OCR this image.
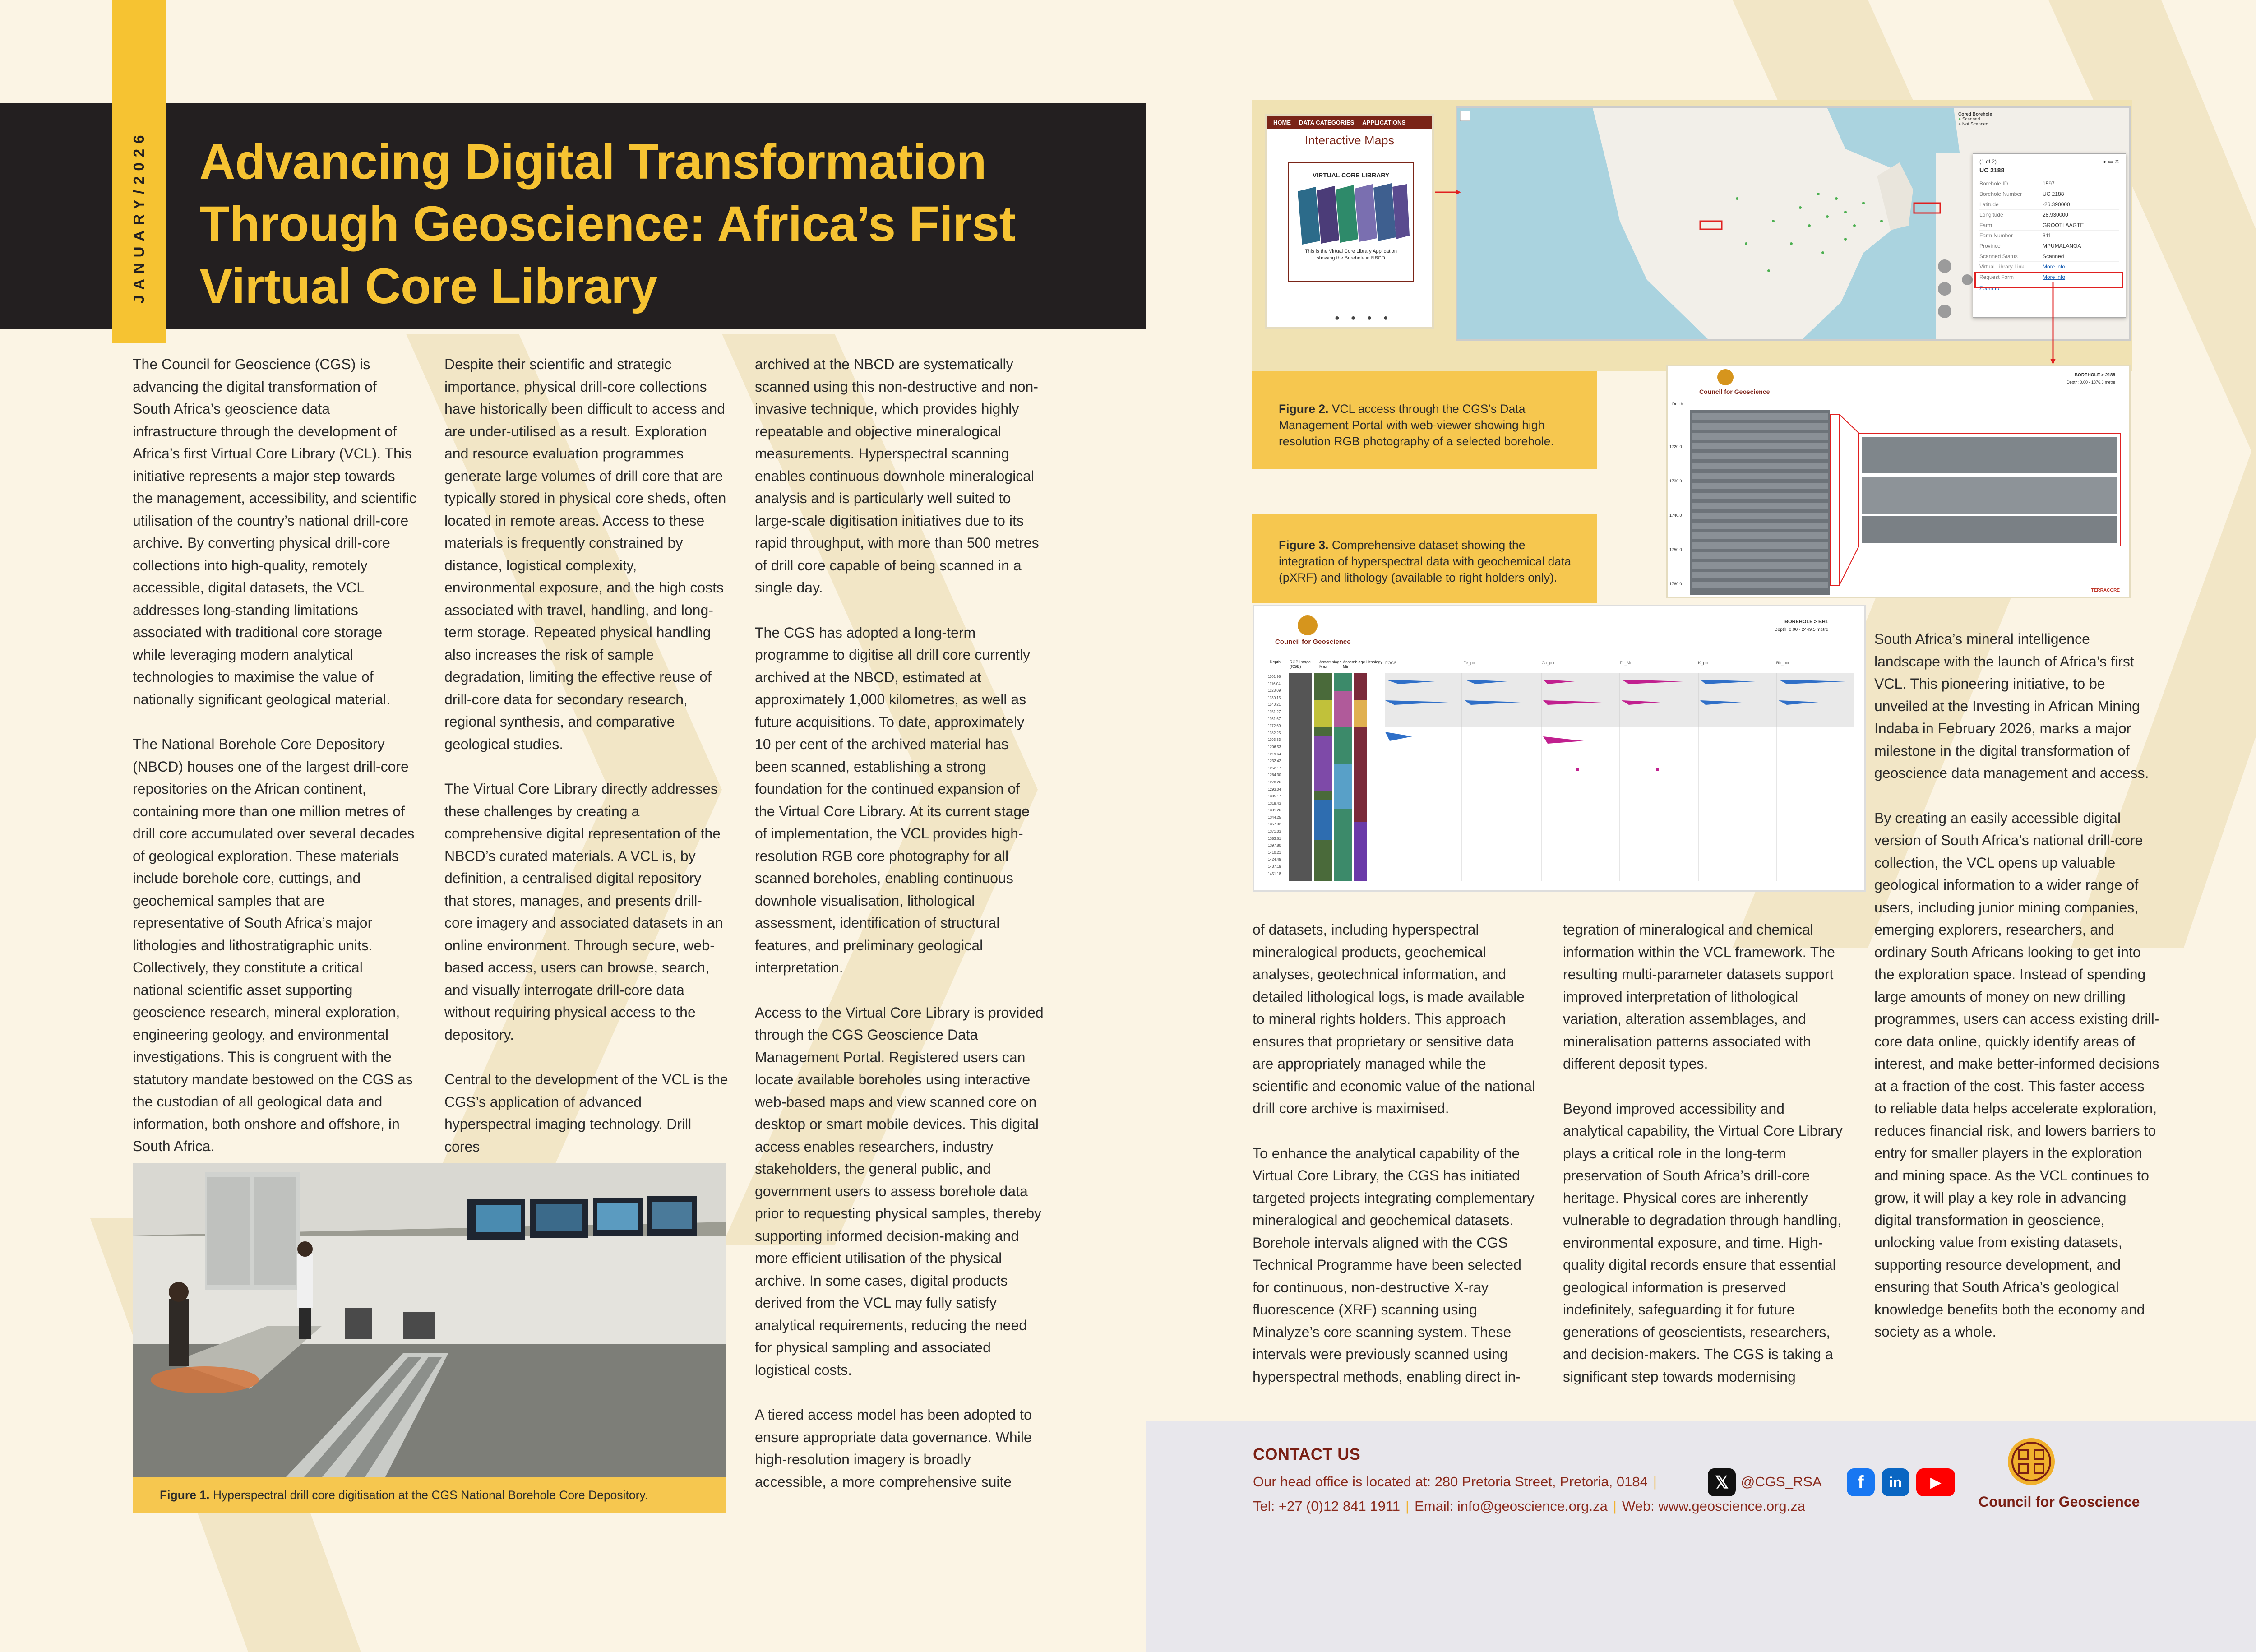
JANUARY/2026 Advancing Digital Transformation Through Geoscience: Africa’s First Virtual Core Library

The Council for Geoscience (CGS) is advancing the digital transformation of South Africa’s geoscience data infrastructure through the development of Africa’s first Virtual Core Library (VCL). This initiative represents a major step towards the management, accessibility, and scientific utilisation of the country’s national drill-core archive. By converting physical drill-core collections into high-quality, remotely accessible, digital datasets, the VCL addresses long-standing limitations associated with traditional core storage while leveraging modern analytical technologies to maximise the value of nationally significant geological material.

The National Borehole Core Depository (NBCD) houses one of the largest drill-core repositories on the African continent, containing more than one million metres of drill core accumulated over several decades of geological exploration. These materials include borehole core, cuttings, and geochemical samples that are representative of South Africa’s major lithologies and lithostratigraphic units. Collectively, they constitute a critical national scientific asset supporting geoscience research, mineral exploration, engineering geology, and environmental investigations. This is congruent with the statutory mandate bestowed on the CGS as the custodian of all geological data and information, both onshore and offshore, in South Africa.

Despite their scientific and strategic importance, physical drill-core collections have historically been difficult to access and are under-utilised as a result. Exploration and resource evaluation programmes generate large volumes of drill core that are typically stored in physical core sheds, often located in remote areas. Access to these materials is frequently constrained by distance, logistical complexity, environmental exposure, and the high costs associated with travel, handling, and long-term storage. Repeated physical handling also increases the risk of sample degradation, limiting the effective reuse of drill-core data for secondary research, regional synthesis, and comparative geological studies.

The Virtual Core Library directly addresses these challenges by creating a comprehensive digital representation of the NBCD’s curated materials. A VCL is, by definition, a centralised digital repository that stores, manages, and presents drill-core imagery and associated datasets in an online environment. Through secure, web-based access, users can browse, search, and visually interrogate drill-core data without requiring physical access to the depository.

Central to the development of the VCL is the CGS’s application of advanced hyperspectral imaging technology. Drill cores

archived at the NBCD are systematically scanned using this non-destructive and non-invasive technique, which provides highly repeatable and objective mineralogical measurements. Hyperspectral scanning enables continuous downhole mineralogical analysis and is particularly well suited to large-scale digitisation initiatives due to its rapid throughput, with more than 500 metres of drill core capable of being scanned in a single day.

The CGS has adopted a long-term programme to digitise all drill core currently archived at the NBCD, estimated at approximately 1,000 kilometres, as well as future acquisitions. To date, approximately 10 per cent of the archived material has been scanned, establishing a strong foundation for the continued expansion of the Virtual Core Library. At its current stage of implementation, the VCL provides high-resolution RGB core photography for all scanned boreholes, enabling continuous downhole visualisation, lithological assessment, identification of structural features, and preliminary geological interpretation.

Access to the Virtual Core Library is provided through the CGS Geoscience Data Management Portal. Registered users can locate available boreholes using interactive web-based maps and view scanned core on desktop or smart mobile devices. This digital access enables researchers, industry stakeholders, the general public, and government users to assess borehole data prior to requesting physical samples, thereby supporting informed decision-making and more efficient utilisation of the physical archive. In some cases, digital products derived from the VCL may fully satisfy analytical requirements, reducing the need for physical sampling and associated logistical costs.

A tiered access model has been adopted to ensure appropriate data governance. While high-resolution imagery is broadly accessible, a more comprehensive suite

Figure 1. Hyperspectral drill core digitisation at the CGS National Borehole Core Depository.
HOME DATA CATEGORIES APPLICATIONS
Interactive Maps
VIRTUAL CORE LIBRARY
This is the Virtual Core Library Application showing the Borehole in NBCD
● ● ● ●
Cored Borehole
● Scanned
● Not Scanned
(1 of 2)	▸ ▭ ✕
UC 2188
Borehole ID	1597
Borehole Number	UC 2188
Latitude	-26.390000
Longitude	28.930000
Farm	GROOTLAAGTE
Farm Number	311
Province	MPUMALANGA
Scanned Status	Scanned
Virtual Library Link	More info
Request Form	More info
Zoom to
Figure 2. VCL access through the CGS’s Data Management Portal with web-viewer showing high resolution RGB photography of a selected borehole.
Figure 3. Comprehensive dataset showing the integration of hyperspectral data with geochemical data (pXRF) and lithology (available to right holders only).
Council for Geoscience
BOREHOLE > 2188
Depth: 0.00 - 1876.6 metre
Depth
1720.0
1730.0
1740.0
1750.0
1760.0
TERRACORE
Council for Geoscience
BOREHOLE > BH1
Depth: 0.00 - 2449.5 metre
Depth	RGB Image (RGB)
Assemblage Max
Assemblage Min
Lithology
1101.98
1116.04
1123.09
1130.15
1140.21
1151.27
1161.67
1172.69
1182.25
1193.33
1206.53
1219.64
1232.42
1252.17
1264.30
1278.26
1293.04
1305.17
1318.43
1331.26
1344.25
1357.32
1371.03
1383.61
1397.80
1410.21
1424.49
1437.19
1451.18
FOCS	Fe_pct	Ca_pct	Fe_Mn	K_pct	Rb_pct

of datasets, including hyperspectral mineralogical products, geochemical analyses, geotechnical information, and detailed lithological logs, is made available to mineral rights holders. This approach ensures that proprietary or sensitive data are appropriately managed while the scientific and economic value of the national drill core archive is maximised.

To enhance the analytical capability of the Virtual Core Library, the CGS has initiated targeted projects integrating complementary mineralogical and geochemical datasets. Borehole intervals aligned with the CGS Technical Programme have been selected for continuous, non-destructive X-ray fluorescence (XRF) scanning using Minalyze’s core scanning system. These intervals were previously scanned using hyperspectral methods, enabling direct in-

tegration of mineralogical and chemical information within the VCL framework. The resulting multi-parameter datasets support improved interpretation of lithological variation, alteration assemblages, and mineralisation patterns associated with different deposit types.

Beyond improved accessibility and analytical capability, the Virtual Core Library plays a critical role in the long-term preservation of South Africa’s drill-core heritage. Physical cores are inherently vulnerable to degradation through handling, environmental exposure, and time. High-quality digital records ensure that essential geological information is preserved indefinitely, safeguarding it for future generations of geoscientists, researchers, and decision-makers. The CGS is taking a significant step towards modernising

South Africa’s mineral intelligence landscape with the launch of Africa’s first VCL. This pioneering initiative, to be unveiled at the Investing in African Mining Indaba in February 2026, marks a major milestone in the digital transformation of geoscience data management and access.

By creating an easily accessible digital version of South Africa’s national drill-core collection, the VCL opens up valuable geological information to a wider range of users, including junior mining companies, emerging explorers, researchers, and ordinary South Africans looking to get into the exploration space. Instead of spending large amounts of money on new drilling programmes, users can access existing drill-core data online, quickly identify areas of interest, and make better-informed decisions at a fraction of the cost. This faster access to reliable data helps accelerate exploration, reduces financial risk, and lowers barriers to entry for smaller players in the exploration and mining space. As the VCL continues to grow, it will play a key role in advancing digital transformation in geoscience, unlocking value from existing datasets, supporting resource development, and ensuring that South Africa’s geological knowledge benefits both the economy and society as a whole.

CONTACT US
Our head office is located at: 280 Pretoria Street, Pretoria, 0184 |	𝕏 @CGS_RSA	f	in	▶
Tel: +27 (0)12 841 1911 | Email: info@geoscience.org.za | Web: www.geoscience.org.za	Council for Geoscience
